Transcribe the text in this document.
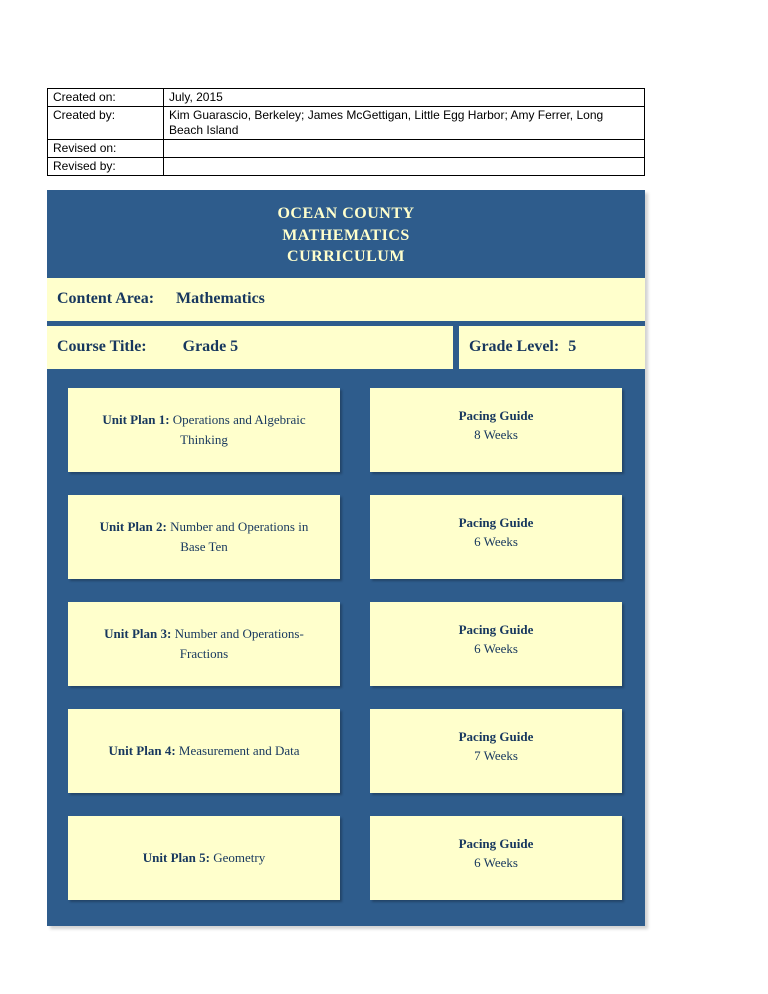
Created on:	July, 2015
Created by:	Kim Guarascio, Berkeley; James McGettigan, Little Egg Harbor; Amy Ferrer, Long Beach Island
Revised on:	
Revised by:	
OCEAN COUNTY
MATHEMATICS
CURRICULUM
Content Area: Mathematics
Course Title: Grade 5	Grade Level: 5
Unit Plan 1: Operations and Algebraic Thinking
Pacing Guide
8 Weeks
Unit Plan 2: Number and Operations in Base Ten
Pacing Guide
6 Weeks
Unit Plan 3: Number and Operations-Fractions
Pacing Guide
6 Weeks
Unit Plan 4: Measurement and Data
Pacing Guide
7 Weeks
Unit Plan 5: Geometry
Pacing Guide
6 Weeks
